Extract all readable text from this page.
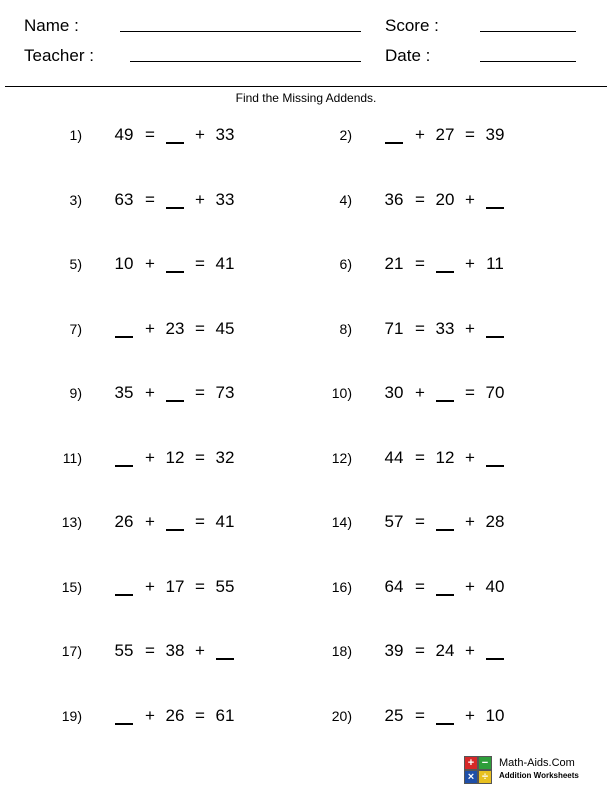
Name :
Teacher :
Score :
Date :
Find the Missing Addends.
1) 49 =	+ 33	2)	+ 27 = 39
3) 63 =	+ 33	4) 36 = 20 +
5) 10 +	= 41	6) 21 =	+ 11
7)	+ 23 = 45	8) 71 = 33 +
9) 35 +	= 73	10) 30 +	= 70
11)	+ 12 = 32	12) 44 = 12 +
13) 26 +	= 41	14) 57 =	+ 28
15)	+ 17 = 55	16) 64 =	+ 40
17) 55 = 38 +	18) 39 = 24 +
19)	+ 26 = 61	20) 25 =	+ 10
+ −
× ÷
Math-Aids.Com
Addition Worksheets
